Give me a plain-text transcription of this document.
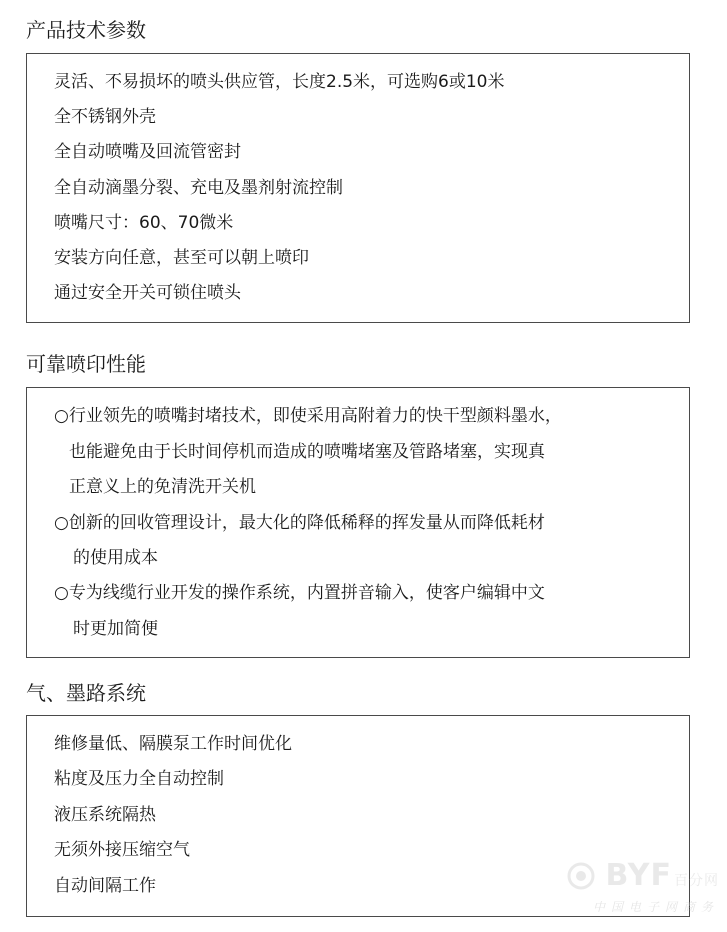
产品技术参数
灵活、不易损坏的喷头供应管，长度2.5米，可选购6或10米
全不锈钢外壳
全自动喷嘴及回流管密封
全自动滴墨分裂、充电及墨剂射流控制
喷嘴尺寸：60、70微米
安装方向任意，甚至可以朝上喷印
通过安全开关可锁住喷头
可靠喷印性能
○行业领先的喷嘴封堵技术，即使采用高附着力的快干型颜料墨水，
也能避免由于长时间停机而造成的喷嘴堵塞及管路堵塞，实现真
正意义上的免清洗开关机
○创新的回收管理设计，最大化的降低稀释的挥发量从而降低耗材
的使用成本
○专为线缆行业开发的操作系统，内置拼音输入，使客户编辑中文
时更加简便
气、墨路系统
维修量低、隔膜泵工作时间优化
粘度及压力全自动控制
液压系统隔热
无须外接压缩空气
自动间隔工作	BYF 百分网
中国电子网商务
